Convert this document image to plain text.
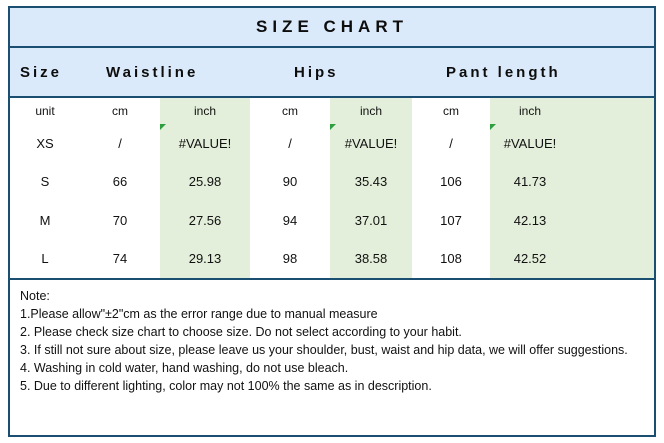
SIZE CHART
Size	Waistline	Hips	Pant length
unit	cm	inch	cm	inch	cm	inch	
XS	/	#VALUE!	/	#VALUE!	/	#VALUE!	
S	66	25.98	90	35.43	106	41.73	
M	70	27.56	94	37.01	107	42.13	
L	74	29.13	98	38.58	108	42.52	

Note:

1.Please allow"±2"cm as the error range due to manual measure

2. Please check size chart to choose size. Do not select according to your habit.

3. If still not sure about size, please leave us your shoulder, bust, waist and hip data, we will offer suggestions.

4. Washing in cold water, hand washing, do not use bleach.

5. Due to different lighting, color may not 100% the same as in description.
